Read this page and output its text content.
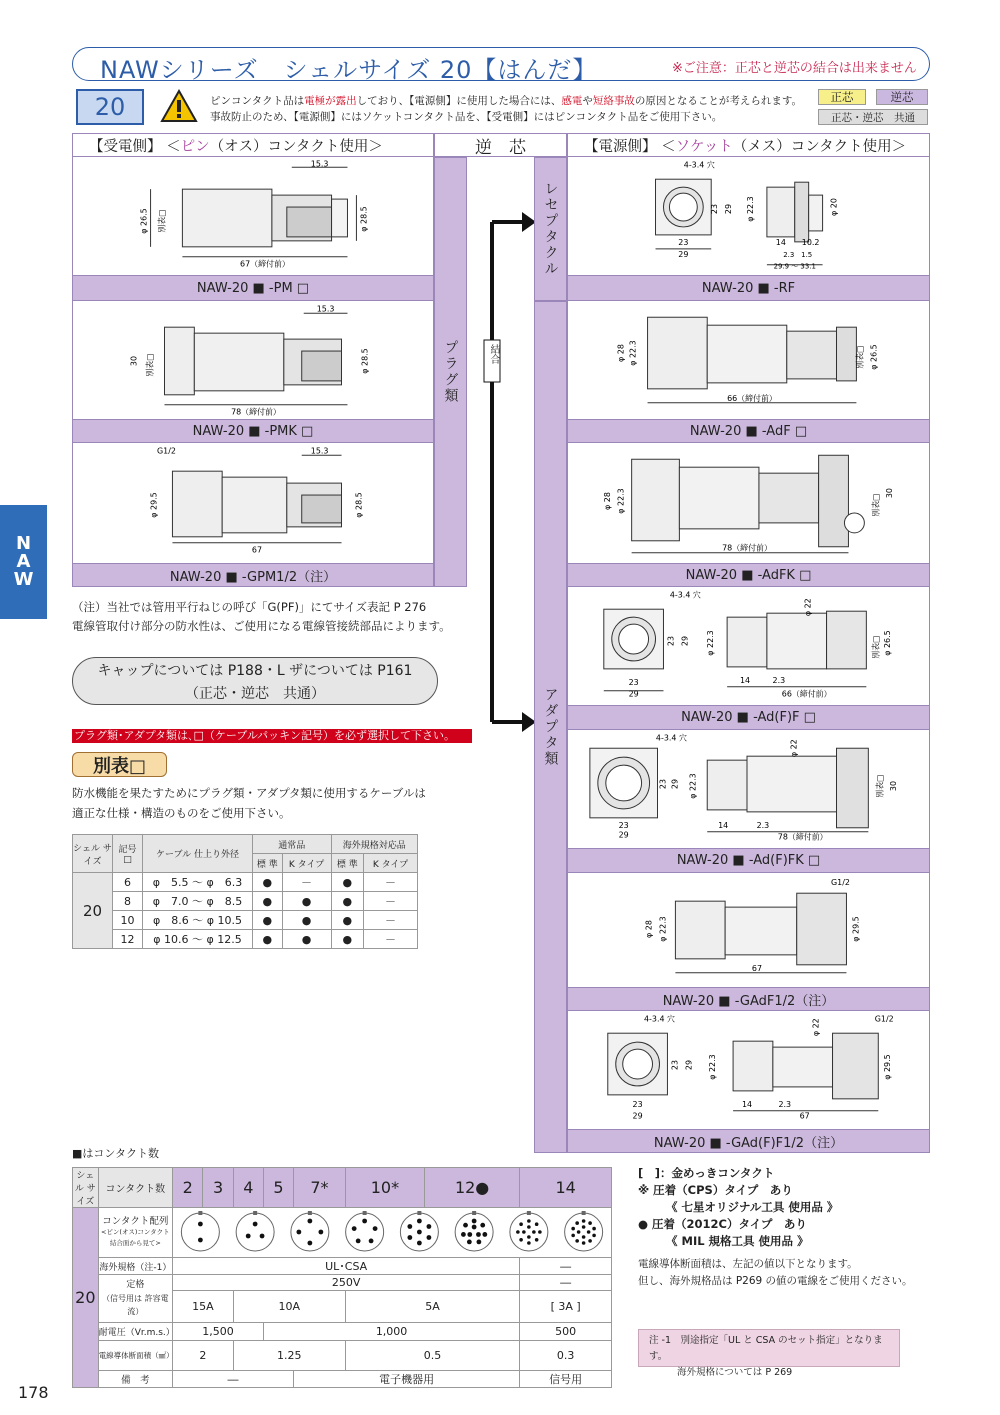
NAWシリーズ　シェルサイズ 20【はんだ】	※ご注意：正芯と逆芯の結合は出来ません
20	ピンコンタクト品は電極が露出しており、【電源側】に使用した場合には、感電や短絡事故の原因となることが考えられます。
事故防止のため、【電源側】にはソケットコンタクト品を、【受電側】にはピンコンタクト品をご使用下さい。
正芯	逆芯
正芯・逆芯　共通
N
A
W
【受電側】
＜ ピン （オス）コンタクト使用＞	逆　芯	【電源側】
＜ ソケット （メス）コンタクト使用＞
15.3
φ 26.5 別表□	φ 28.5
67（締付前）
NAW-20 ■ -PM □
15.3
30 別表□	φ 28.5
78（締付前）
NAW-20 ■ -PMK □
G1/2	15.3
φ 29.5	φ 28.5
67
NAW-20 ■ -GPM1/2（注）
プラグ類	結合
レセプタクル
アダプタ類
4-3.4 穴
23 29
23
29
φ 22.3
14 10.2
2.3 1.5
29.9 ～ 33.1
φ 20
NAW-20 ■ -RF
φ 28 φ 22.3
66（締付前）
別表□ φ 26.5
NAW-20 ■ -AdF □
φ 28 φ 22.3
78（締付前）
別表□
30
NAW-20 ■ -AdFK □
4-3.4 穴
23 29
23
29
φ 22.3
14	2.3
66（締付前）
φ 22
別表□ φ 26.5
NAW-20 ■ -Ad(F)F □
4-3.4 穴
23 29
23
29
φ 22.3
14	2.3
78（締付前）
φ 22
別表□ 30
NAW-20 ■ -Ad(F)FK □
G1/2
φ 28 φ 22.3
67
φ 29.5
NAW-20 ■ -GAdF1/2（注）
4-3.4 穴	G1/2
23 29
23
29
φ 22.3
14	2.3
67
φ 22
φ 29.5
NAW-20 ■ -GAd(F)F1/2（注）
（注）当社では管用平行ねじの呼び「G(PF)」にてサイズ表記 P 276
電線管取付け部分の防水性は、ご使用になる電線管接続部品によります。
キャップについては P188・L ザについては P161
（正芯・逆芯　共通）
プラグ類･アダプタ類は､□（ケーブルパッキン記号）を必ず選択して下さい｡
別表□
防水機能を果たすためにプラグ類・アダプタ類に使用するケーブルは
適正な仕様・構造のものをご使用下さい。
シェル サイズ	記号 □	ケーブル 仕上り外径	通常品		海外規格対応品	
			標 準	K タイプ	標 準	K タイプ
20	6	φ　5.5 ～ φ　6.3	●	－	●	－
	8	φ　7.0 ～ φ　8.5	●	●	●	－
	10	φ　8.6 ～ φ 10.5	●	●	●	－
	12	φ 10.6 ～ φ 12.5	●	●	●	－
■はコンタクト数
シェル サイズ	コンタクト数	2	3	4	5	7*	10*	12●	14
20	コンタクト配列
<ピン(オス)コンタクト 結合面から見て>

	海外規格（注-1）	UL･CSA							―

	定格
（信号用は 許容電流）	250V							―
		15A		10A			5A		[ 3A ]
	耐電圧（Vr.m.s.）	1,500			1,000				500
	電線導体断面積（㎟）	2		1.25			0.5		0.3
	備　考	―				電子機器用			信号用
[　]：金めっきコンタクト
※ 圧着（CPS）タイプ　あり
《 七星オリジナル工具 使用品 》
● 圧着（2012C）タイプ　あり
《 MIL 規格工具 使用品 》
電線導体断面積は、左記の値以下となります。
但し、海外規格品は P269 の値の電線をご使用ください。
注 -1　別途指定「UL と CSA のセット指定」となります。
海外規格については P 269
178
